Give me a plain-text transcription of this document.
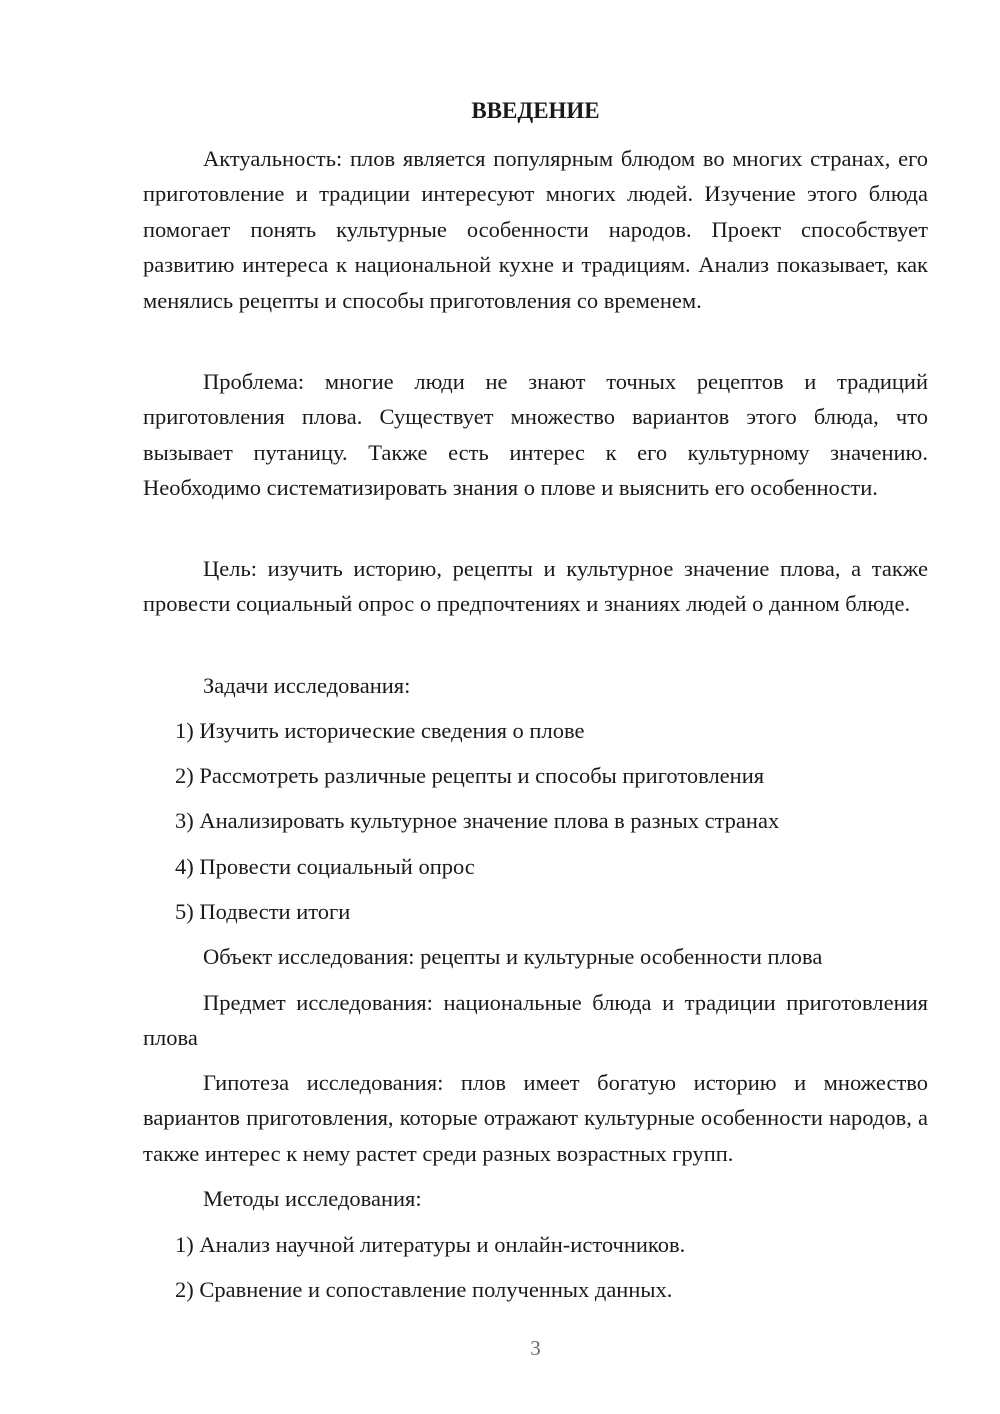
ВВЕДЕНИЕ

Актуальность: плов является популярным блюдом во многих странах, его приготовление и традиции интересуют многих людей. Изучение этого блюда помогает понять культурные особенности народов. Проект способствует развитию интереса к национальной кухне и традициям. Анализ показывает, как менялись рецепты и способы приготовления со временем.

Проблема: многие люди не знают точных рецептов и традиций приготовления плова. Существует множество вариантов этого блюда, что вызывает путаницу. Также есть интерес к его культурному значению. Необходимо систематизировать знания о плове и выяснить его особенности.

Цель: изучить историю, рецепты и культурное значение плова, а также провести социальный опрос о предпочтениях и знаниях людей о данном блюде.

Задачи исследования:

1) Изучить исторические сведения о плове

2) Рассмотреть различные рецепты и способы приготовления

3) Анализировать культурное значение плова в разных странах

4) Провести социальный опрос

5) Подвести итоги

Объект исследования: рецепты и культурные особенности плова

Предмет исследования: национальные блюда и традиции приготовления плова

Гипотеза исследования: плов имеет богатую историю и множество вариантов приготовления, которые отражают культурные особенности народов, а также интерес к нему растет среди разных возрастных групп.

Методы исследования:

1) Анализ научной литературы и онлайн-источников.

2) Сравнение и сопоставление полученных данных.

3
